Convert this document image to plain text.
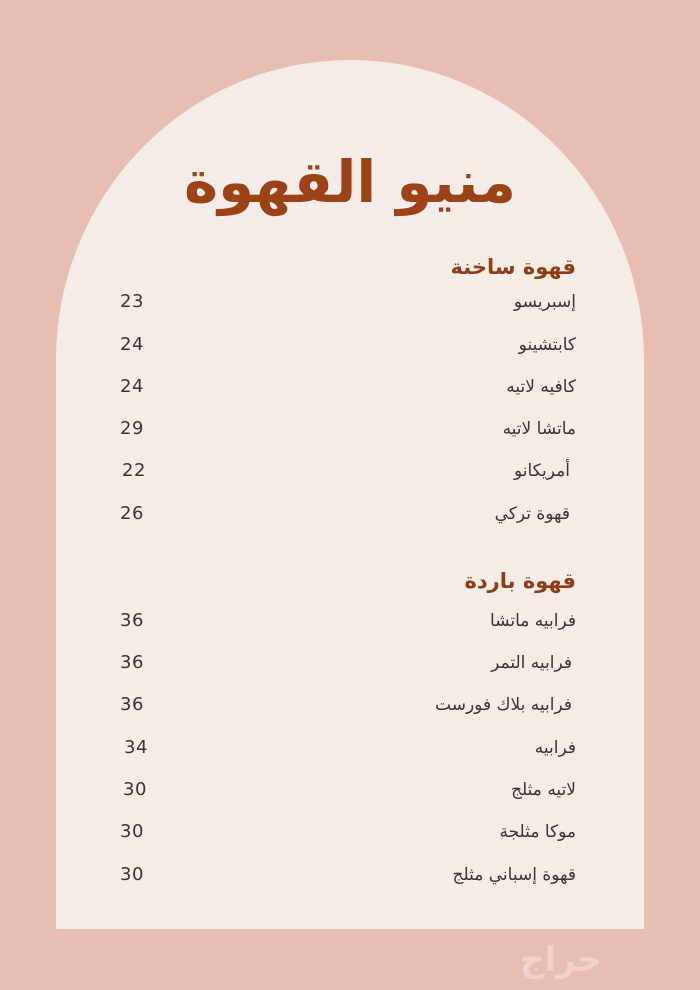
منيو القهوة
قهوة ساخنة
إسبريسو
23
كابتشينو
24
كافيه لاتيه
24
ماتشا لاتيه
29
أمريكانو
22
قهوة تركي
26
قهوة باردة
فرابيه ماتشا
36
فرابيه التمر
36
فرابيه بلاك فورست
36
فرابيه
34
لاتيه مثلج
30
موكا مثلجة
30
قهوة إسباني مثلج
30
حراج
